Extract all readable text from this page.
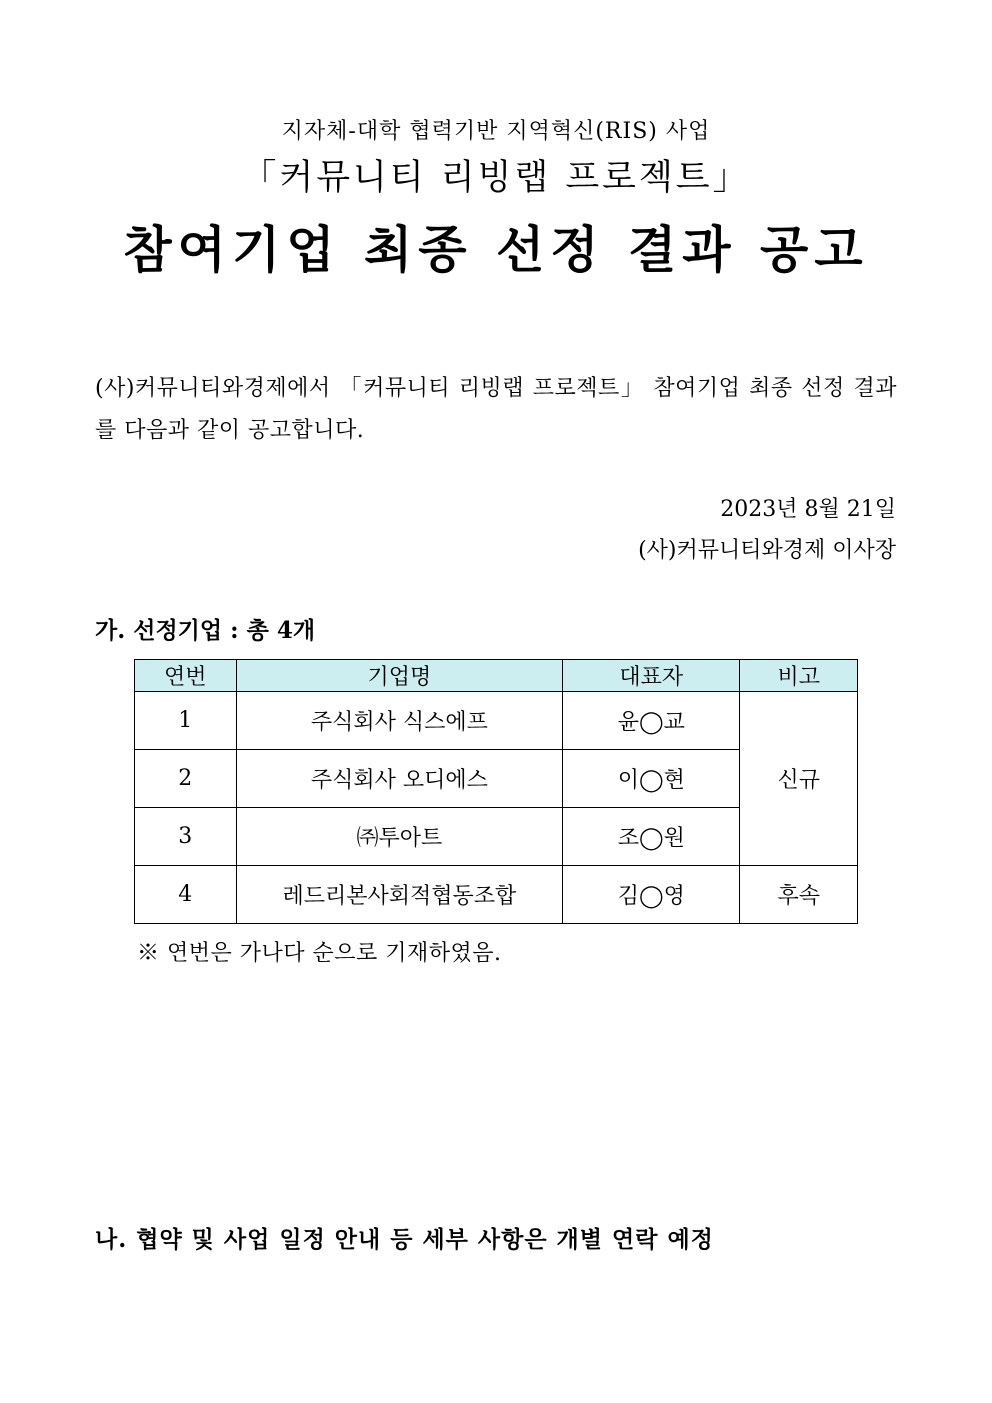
지자체-대학 협력기반 지역혁신(RIS) 사업
「커뮤니티 리빙랩 프로젝트」
참여기업 최종 선정 결과 공고
(사)커뮤니티와경제에서 「커뮤니티 리빙랩 프로젝트」 참여기업 최종 선정 결과를 다음과 같이 공고합니다.
2023년 8월 21일
(사)커뮤니티와경제 이사장
가. 선정기업 : 총 4개
연번	기업명	대표자	비고
1	주식회사 식스에프	윤◯교	신규
2	주식회사 오디에스	이◯현	
3	㈜투아트	조◯원	
4	레드리본사회적협동조합	김◯영	후속
※ 연번은 가나다 순으로 기재하였음.
나. 협약 및 사업 일정 안내 등 세부 사항은 개별 연락 예정
